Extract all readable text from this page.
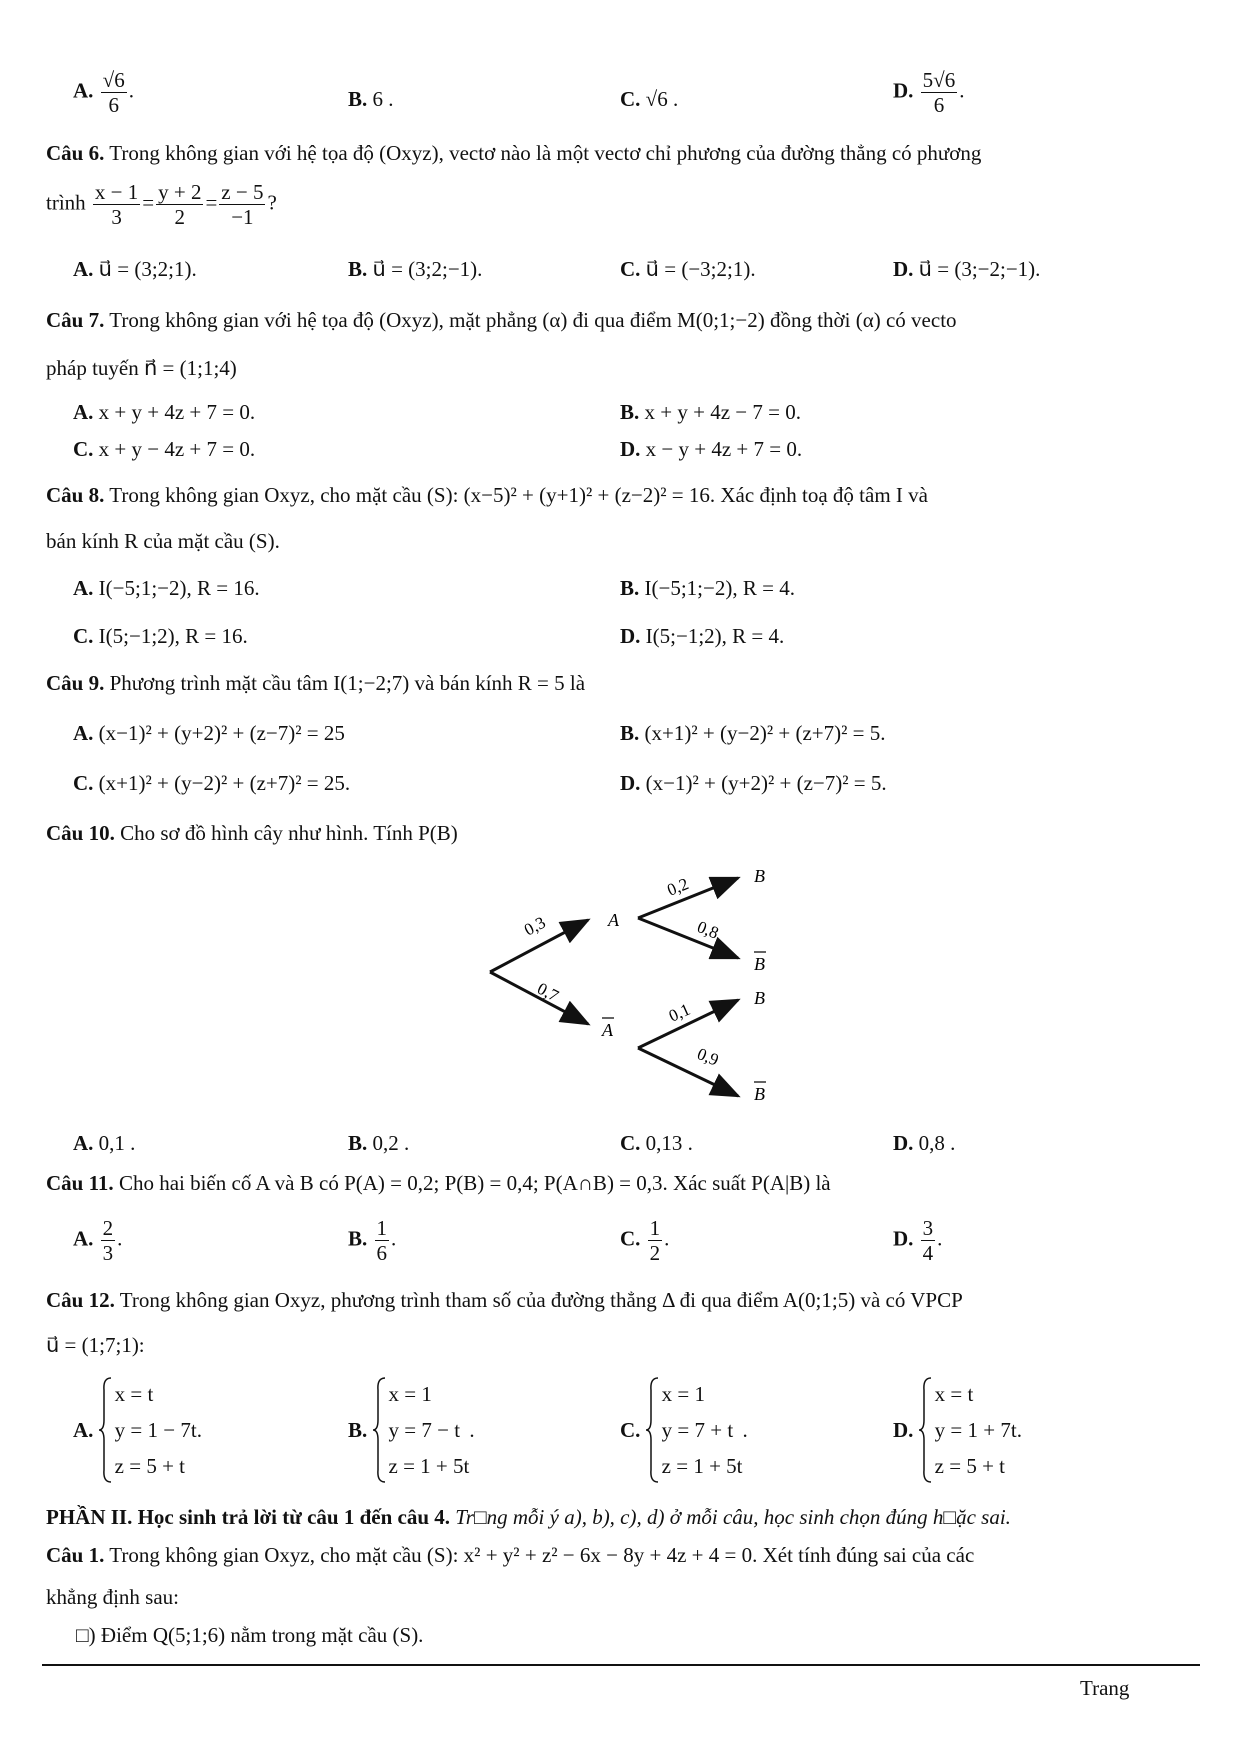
A. $\frac{√6}{6}$ .	B. 6 .	C. √6 .	D. $\frac{5√6}{6}$ .
Câu 6. Trong không gian với hệ tọa độ (Oxyz), vectơ nào là một vectơ chỉ phương của đường thẳng có phương
trình $\frac{x - 1}{3} = \frac{y + 2}{2} = \frac{z - 5}{-1}$ ?
A. u⃗ = (3;2;1).	B. u⃗ = (3;2;−1).	C. u⃗ = (−3;2;1).	D. u⃗ = (3;−2;−1).
Câu 7. Trong không gian với hệ tọa độ (Oxyz), mặt phẳng (α) đi qua điểm M(0;1;−2) đồng thời (α) có vecto
pháp tuyến n⃗ = (1;1;4)
A. x + y + 4z + 7 = 0.	B. x + y + 4z − 7 = 0.
C. x + y − 4z + 7 = 0.	D. x − y + 4z + 7 = 0.
Câu 8. Trong không gian Oxyz, cho mặt cầu (S): (x−5)² + (y+1)² + (z−2)² = 16. Xác định toạ độ tâm I và
bán kính R của mặt cầu (S).
A. I(−5;1;−2), R = 16.	B. I(−5;1;−2), R = 4.
C. I(5;−1;2), R = 16.	D. I(5;−1;2), R = 4.
Câu 9. Phương trình mặt cầu tâm I(1;−2;7) và bán kính R = 5 là
A. (x−1)² + (y+2)² + (z−7)² = 25	B. (x+1)² + (y−2)² + (z+7)² = 5.
C. (x+1)² + (y−2)² + (z+7)² = 25.	D. (x−1)² + (y+2)² + (z−7)² = 5.
Câu 10. Cho sơ đồ hình cây như hình. Tính P(B)
0,3
0,7
0,2
0,8
0,1
0,9
A
A
B
B
B
B
A. 0,1 .	B. 0,2 .	C. 0,13 .	D. 0,8 .
Câu 11. Cho hai biến cố A và B có P(A) = 0,2; P(B) = 0,4; P(A∩B) = 0,3. Xác suất P(A|B) là
A. $\frac{2}{3}$ .	B. $\frac{1}{6}$ .	C. $\frac{1}{2}$ .	D. $\frac{3}{4}$ .
Câu 12. Trong không gian Oxyz, phương trình tham số của đường thẳng Δ đi qua điểm A(0;1;5) và có VPCP
u⃗ = (1;7;1):
A.
x = t
y = 1 − 7t
z = 5 + t
.	B.
x = 1
y = 7 − t
z = 1 + 5t
.	C.
x = 1
y = 7 + t
z = 1 + 5t
.	D.
x = t
y = 1 + 7t
z = 5 + t
.
PHẦN II. Học sinh trả lời từ câu 1 đến câu 4. Tr□ng mỗi ý a), b), c), d) ở mỗi câu, học sinh chọn đúng h□ặc sai.
Câu 1. Trong không gian Oxyz, cho mặt cầu (S): x² + y² + z² − 6x − 8y + 4z + 4 = 0. Xét tính đúng sai của các
khẳng định sau:
□) Điểm Q(5;1;6) nằm trong mặt cầu (S).
Trang
